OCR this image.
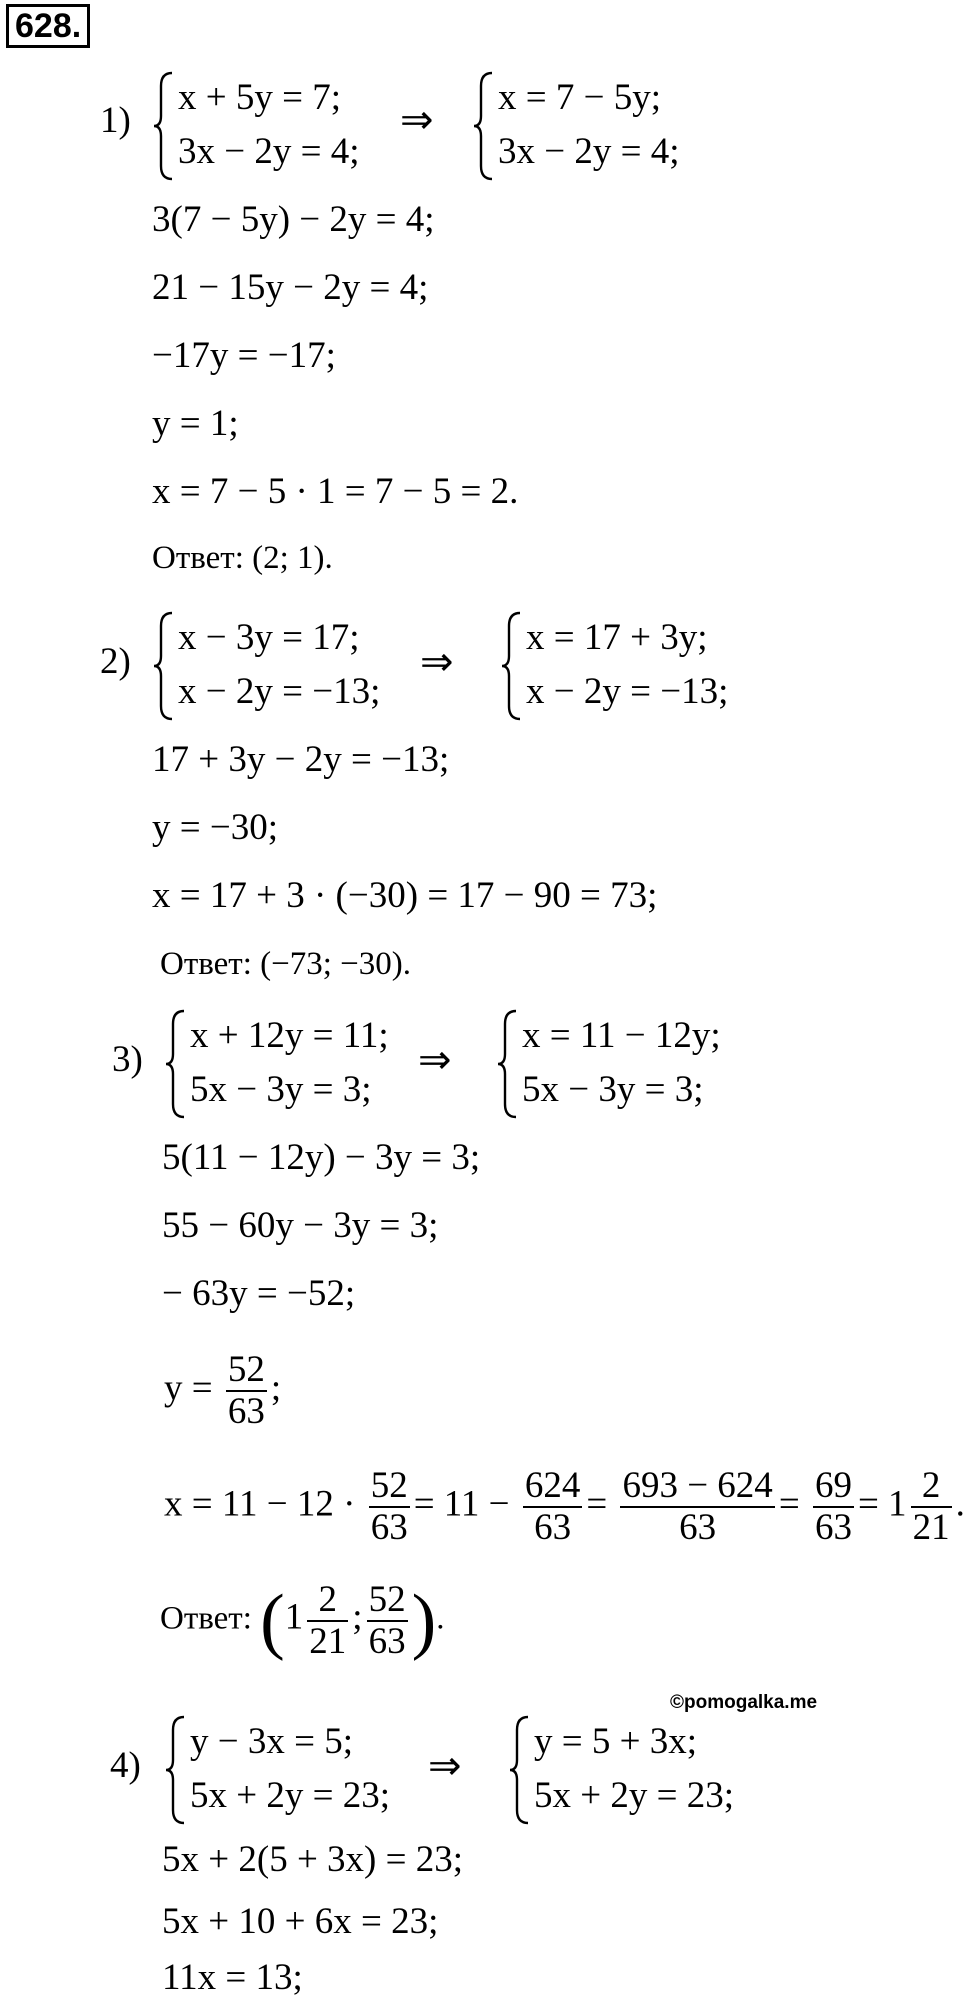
628.
1)
x + 5y = 7;
3x − 2y = 4;
⇒ x = 7 − 5y;
3x − 2y = 4;
3(7 − 5y) − 2y = 4;
21 − 15y − 2y = 4;
−17y = −17;
y = 1;
x = 7 − 5 · 1 = 7 − 5 = 2.
Ответ: (2; 1).
2)
x − 3y = 17;
x − 2y = −13;
⇒
x = 17 + 3y;
x − 2y = −13;
17 + 3y − 2y = −13;
y = −30;
x = 17 + 3 · (−30) = 17 − 90 = 73;
Ответ: (−73; −30).
3)
x + 12y = 11;
5x − 3y = 3;
⇒
x = 11 − 12y;
5x − 3y = 3;
5(11 − 12y) − 3y = 3;
55 − 60y − 3y = 3;
− 63y = −52;
$y = \frac{52}{63}$ ;
$x = 11 - 12 \cdot \frac{52}{63} = 11 - \frac{624}{63} = \frac{693 - 624}{63} = \frac{69}{63} = 1 \frac{2}{21}$ .
Ответ: ($1 \frac{2}{21}$ ; $\frac{52}{63}$ ).
©pomogalka.me
4)
y − 3x = 5;
5x + 2y = 23;
⇒
y = 5 + 3x;
5x + 2y = 23;
5x + 2(5 + 3x) = 23;
5x + 10 + 6x = 23;
11x = 13;
